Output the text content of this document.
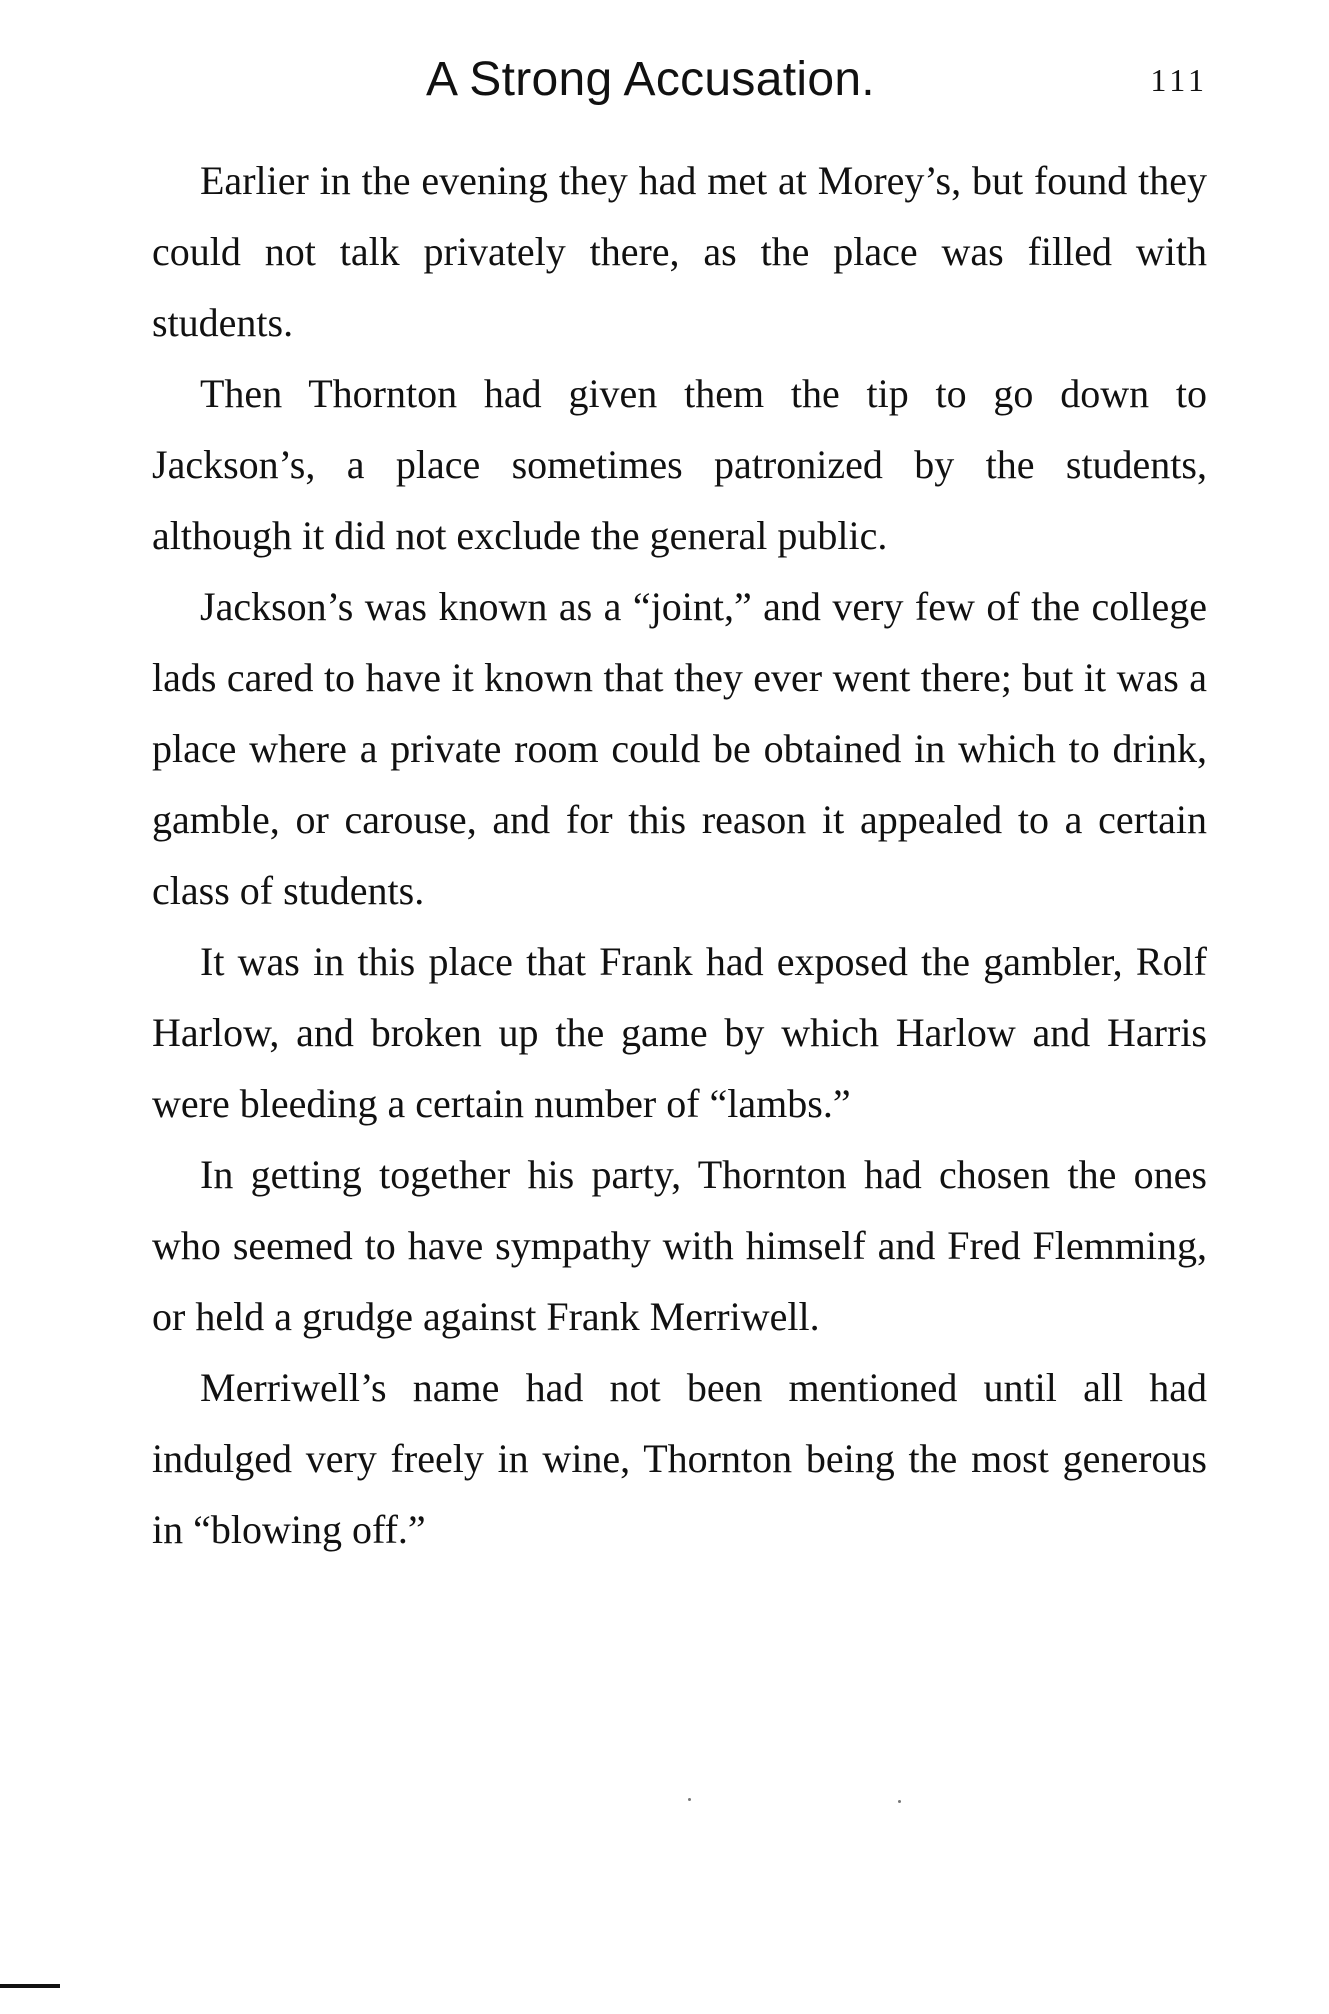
A Strong Accusation.	111

Earlier in the evening they had met at Morey’s, but found they could not talk privately there, as the place was filled with students.

Then Thornton had given them the tip to go down to Jackson’s, a place sometimes patronized by the students, although it did not exclude the general public.

Jackson’s was known as a “joint,” and very few of the college lads cared to have it known that they ever went there; but it was a place where a private room could be obtained in which to drink, gamble, or carouse, and for this reason it appealed to a certain class of students.

It was in this place that Frank had exposed the gambler, Rolf Harlow, and broken up the game by which Harlow and Harris were bleeding a certain number of “lambs.”

In getting together his party, Thornton had chosen the ones who seemed to have sympathy with himself and Fred Flemming, or held a grudge against Frank Merriwell.

Merriwell’s name had not been mentioned until all had indulged very freely in wine, Thornton being the most generous in “blowing off.”
